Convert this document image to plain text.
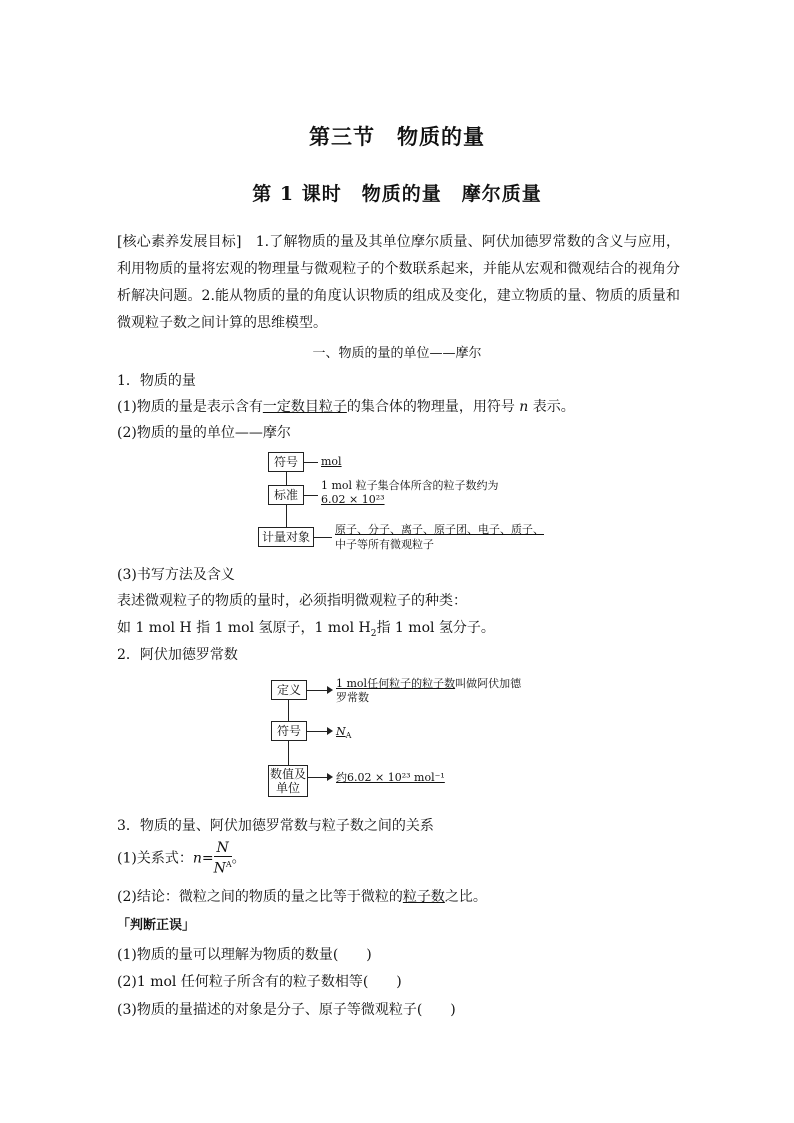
第三节　物质的量
第 1 课时　物质的量　摩尔质量
[核心素养发展目标]　1.了解物质的量及其单位摩尔质量、阿伏加德罗常数的含义与应用，利用物质的量将宏观的物理量与微观粒子的个数联系起来，并能从宏观和微观结合的视角分析解决问题。2.能从物质的量的角度认识物质的组成及变化，建立物质的量、物质的质量和微观粒子数之间计算的思维模型。
一、物质的量的单位——摩尔
1．物质的量
(1)物质的量是表示含有一定数目粒子的集合体的物理量，用符号 n 表示。
(2)物质的量的单位——摩尔
符号
标准
计量对象
mol
1 mol 粒子集合体所含的粒子数约为
6.02 × 10²³
原子、分子、离子、原子团、电子、质子、
中子等所有微观粒子
(3)书写方法及含义
表述微观粒子的物质的量时，必须指明微观粒子的种类：
如 1 mol H 指 1 mol 氢原子，1 mol $H_2$指 1 mol 氢分子。
2．阿伏加德罗常数
定义
符号
数值及
单位
1 mol任何粒子的粒子数叫做阿伏加德
罗常数
$N_A$
约6.02 × 10²³ mol⁻¹
3．物质的量、阿伏加德罗常数与粒子数之间的关系
(1)关系式：$n= \frac{N}{N^A}$ 。
(2)结论：微粒之间的物质的量之比等于微粒的粒子数之比。
「判断正误」
(1)物质的量可以理解为物质的数量(　　)
(2)1 mol 任何粒子所含有的粒子数相等(　　)
(3)物质的量描述的对象是分子、原子等微观粒子(　　)
